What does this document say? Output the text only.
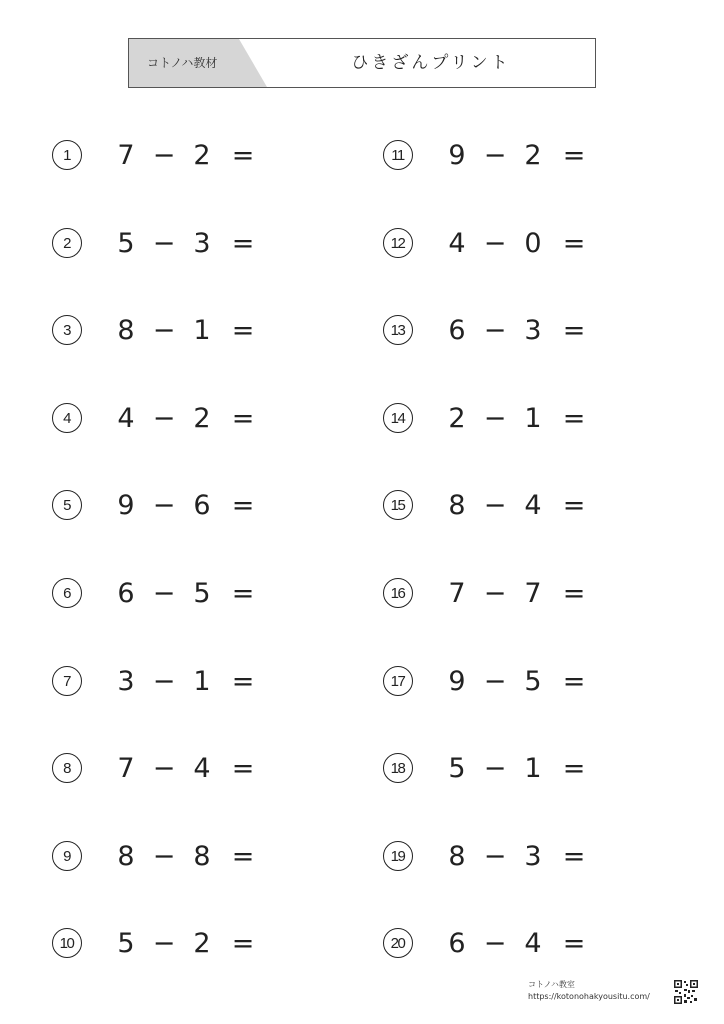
コトノハ教材	ひきざんプリント
1 7 − 2 =
2 5 − 3 =
3 8 − 1 =
4 4 − 2 =
5 9 − 6 =
6 6 − 5 =
7 3 − 1 =
8 7 − 4 =
9 8 − 8 =
10 5 − 2 =
11 9 − 2 =
12 4 − 0 =
13 6 − 3 =
14 2 − 1 =
15 8 − 4 =
16 7 − 7 =
17 9 − 5 =
18 5 − 1 =
19 8 − 3 =
20 6 − 4 =
コトノハ教室
https://kotonohakyousitu.com/
